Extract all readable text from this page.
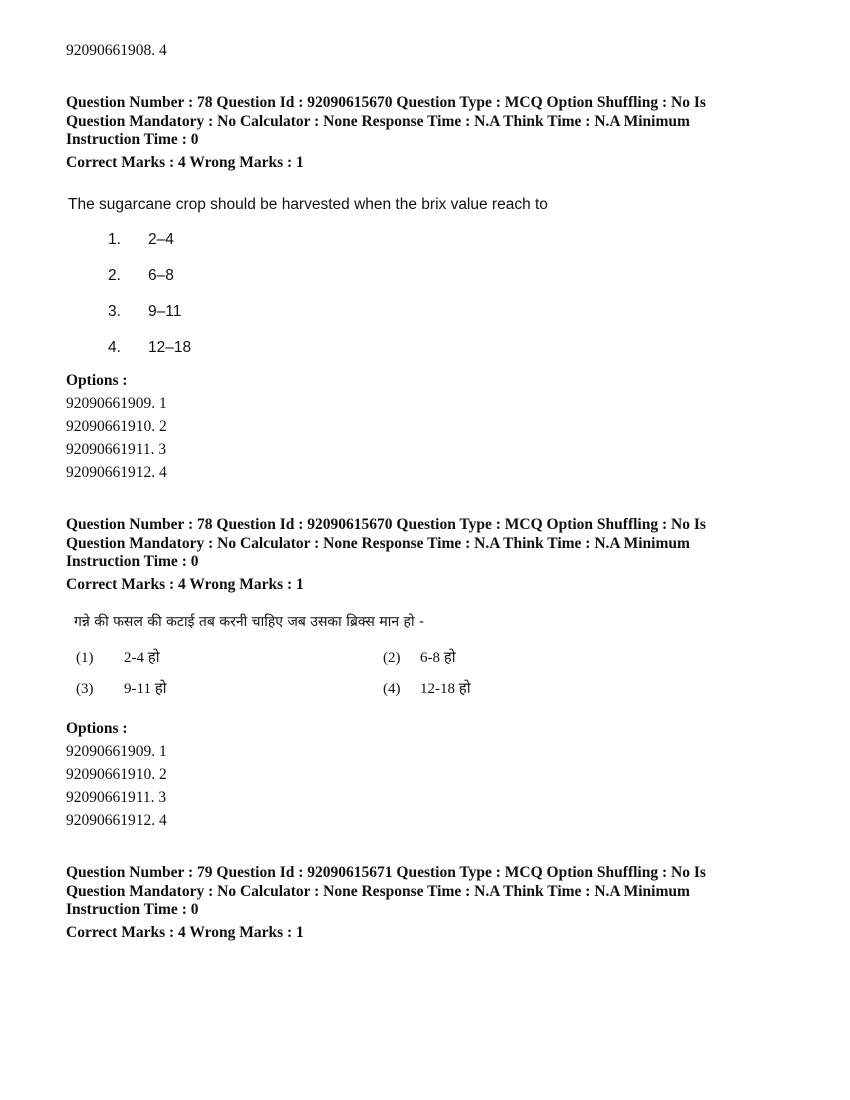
92090661908. 4
Question Number : 78 Question Id : 92090615670 Question Type : MCQ Option Shuffling : No Is
Question Mandatory : No Calculator : None Response Time : N.A Think Time : N.A Minimum
Instruction Time : 0
Correct Marks : 4 Wrong Marks : 1
The sugarcane crop should be harvested when the brix value reach to
1. 2–4
2. 6–8
3. 9–11
4. 12–18
Options :
92090661909. 1
92090661910. 2
92090661911. 3
92090661912. 4
Question Number : 78 Question Id : 92090615670 Question Type : MCQ Option Shuffling : No Is
Question Mandatory : No Calculator : None Response Time : N.A Think Time : N.A Minimum
Instruction Time : 0
Correct Marks : 4 Wrong Marks : 1
गन्ने की फसल की कटाई तब करनी चाहिए जब उसका ब्रिक्स मान हो -
(1) 2-4 हो	(2) 6-8 हो
(3) 9-11 हो	(4) 12-18 हो
Options :
92090661909. 1
92090661910. 2
92090661911. 3
92090661912. 4
Question Number : 79 Question Id : 92090615671 Question Type : MCQ Option Shuffling : No Is
Question Mandatory : No Calculator : None Response Time : N.A Think Time : N.A Minimum
Instruction Time : 0
Correct Marks : 4 Wrong Marks : 1
